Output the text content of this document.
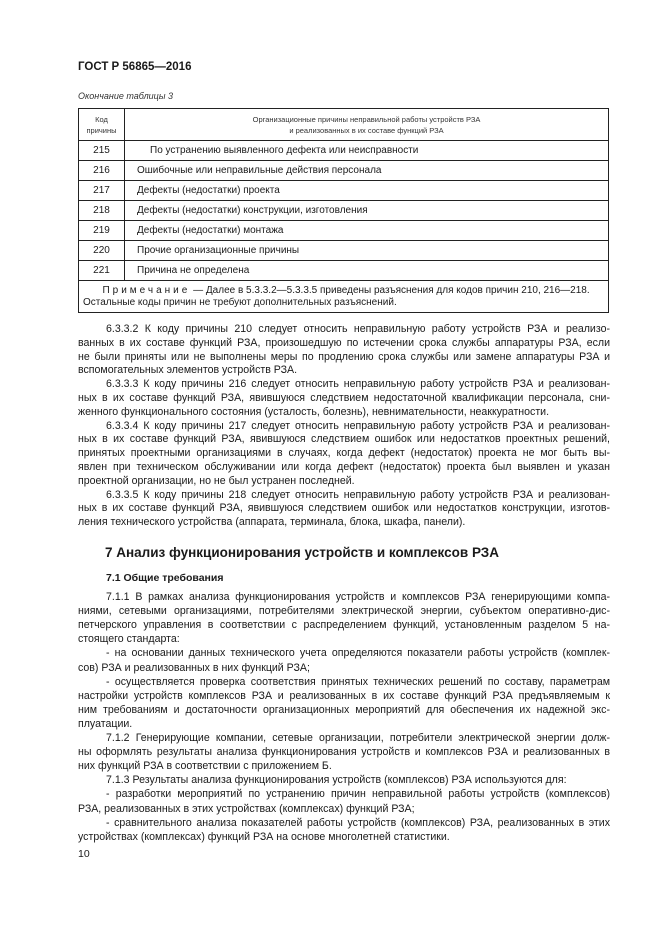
ГОСТ Р 56865—2016
Окончание таблицы 3
Код
причины	Организационные причины неправильной работы устройств РЗА
и реализованных в их составе функций РЗА
215	По устранению выявленного дефекта или неисправности
216	Ошибочные или неправильные действия персонала
217	Дефекты (недостатки) проекта
218	Дефекты (недостатки) конструкции, изготовления
219	Дефекты (недостатки) монтажа
220	Прочие организационные причины
221	Причина не определена
Примечание — Далее в 5.3.3.2—5.3.3.5 приведены разъяснения для кодов причин 210, 216—218.
Остальные коды причин не требуют дополнительных разъяснений.	
6.3.3.2 К коду причины 210 следует относить неправильную работу устройств РЗА и реализо-
ванных в их составе функций РЗА, произошедшую по истечении срока службы аппаратуры РЗА, если
не были приняты или не выполнены меры по продлению срока службы или замене аппаратуры РЗА и
вспомогательных элементов устройств РЗА.
6.3.3.3 К коду причины 216 следует относить неправильную работу устройств РЗА и реализован-
ных в их составе функций РЗА, явившуюся следствием недостаточной квалификации персонала, сни-
женного функционального состояния (усталость, болезнь), невнимательности, неаккуратности.
6.3.3.4 К коду причины 217 следует относить неправильную работу устройств РЗА и реализован-
ных в их составе функций РЗА, явившуюся следствием ошибок или недостатков проектных решений,
принятых проектными организациями в случаях, когда дефект (недостаток) проекта не мог быть вы-
явлен при техническом обслуживании или когда дефект (недостаток) проекта был выявлен и указан
проектной организации, но не был устранен последней.
6.3.3.5 К коду причины 218 следует относить неправильную работу устройств РЗА и реализован-
ных в их составе функций РЗА, явившуюся следствием ошибок или недостатков конструкции, изготов-
ления технического устройства (аппарата, терминала, блока, шкафа, панели).
7 Анализ функционирования устройств и комплексов РЗА
7.1 Общие требования
7.1.1 В рамках анализа функционирования устройств и комплексов РЗА генерирующими компа-
ниями, сетевыми организациями, потребителями электрической энергии, субъектом оперативно-дис-
петчерского управления в соответствии с распределением функций, установленным разделом 5 на-
стоящего стандарта:
- на основании данных технического учета определяются показатели работы устройств (комплек-
сов) РЗА и реализованных в них функций РЗА;
- осуществляется проверка соответствия принятых технических решений по составу, параметрам
настройки устройств комплексов РЗА и реализованных в их составе функций РЗА предъявляемым к
ним требованиям и достаточности организационных мероприятий для обеспечения их надежной экс-
плуатации.
7.1.2 Генерирующие компании, сетевые организации, потребители электрической энергии долж-
ны оформлять результаты анализа функционирования устройств и комплексов РЗА и реализованных в
них функций РЗА в соответствии с приложением Б.
7.1.3 Результаты анализа функционирования устройств (комплексов) РЗА используются для:
- разработки мероприятий по устранению причин неправильной работы устройств (комплексов)
РЗА, реализованных в этих устройствах (комплексах) функций РЗА;
- сравнительного анализа показателей работы устройств (комплексов) РЗА, реализованных в этих
устройствах (комплексах) функций РЗА на основе многолетней статистики.
10
